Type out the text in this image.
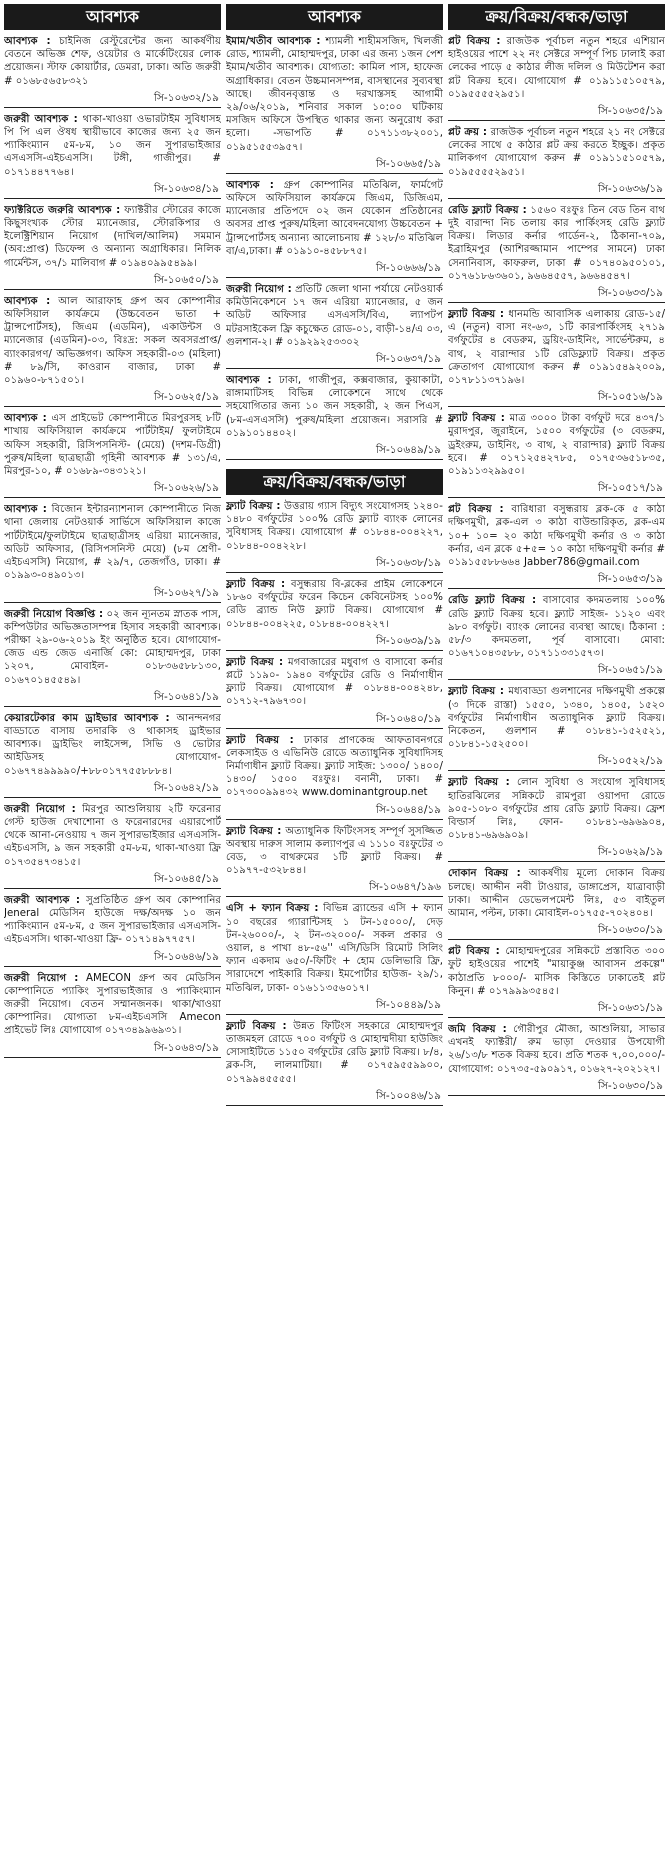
আবশ্যক
আবশ্যক : চাইনিজ রেস্টুরেন্টের জন্য আকর্ষণীয় বেতনে অভিজ্ঞ শেফ, ওয়েটার ও মার্কেটিংয়ের লোক প্রয়োজন। স্টাফ কোয়ার্টার, ডেমরা, ঢাকা। অতি জরুরী # ০১৬৮৫৬৫৮৩২১
সি-১০৬৩২/১৯
জরুরী আবশ্যক : থাকা-খাওয়া ওভারটাইম সুবিধাসহ পি পি এল ঔষধ স্থায়ীভাবে কাজের জন্য ২৫ জন প্যাকিংম্যান ৫ম-৮ম, ১০ জন সুপারভাইজার এসএসসি-এইচএসসি। টঙ্গী, গাজীপুর। # ০১৭১৪৪৭৭৬৪।
সি-১০৬৩৪/১৯
ফ্যাক্টরিতে জরুরি আবশ্যক : ফ্যাক্টরীর স্টোরের কাজে কিছুসংখ্যক স্টোর ম্যানেজার, স্টোরকিপার ও ইলেক্ট্রিশিয়ান নিয়োগ (দাখিল/আলিম) সমমান (অব:প্রাপ্ত) ডিফেন্স ও অন্যান্য অগ্রাধিকার। নিলিক গার্মেন্টস, ৩৭/১ মালিবাগ # ০১৯৪০৯৯৫৪৯৯।
সি-১০৬৫০/১৯
আবশ্যক : আল আরাফাহ গ্রুপ অব কোম্পানীর অফিসিয়াল কার্যক্রমে (উচ্চবেতন ভাতা + ট্রান্সপোর্টসহ), জিএম (এডমিন), একাউন্টস ও ম্যানেজার (এডমিন)-০৩, বিঃদ্র: সকল অবসরপ্রাপ্ত/ ব্যাংকারগণ/ অভিজ্ঞগণ। অফিস সহকারী-০৩ (মহিলা) # ৮৯/সি, কাওরান বাজার, ঢাকা # ০১৯৬০-৮৭১৫০১।
সি-১০৬২৫/১৯
আবশ্যক : এস প্রাইভেট কোম্পানীতে মিরপুরসহ ৮টি শাখায় অফিসিয়াল কার্যক্রমে পার্টটাইম/ ফুলটাইমে অফিস সহকারী, রিসিপসনিস্ট- (মেয়ে) (দশম-ডিগ্রী) পুরুষ/মহিলা ছাত্রছাত্রী গৃহিনী আবশ্যক # ১৩১/এ, মিরপুর-১০, # ০১৬৮৯-৩৪৩১২১।
সি-১০৬২৬/১৯
আবশ্যক : বিজোন ইন্টারন্যাশনাল কোম্পানীতে নিজ থানা জেলায় নেটওয়ার্ক সার্ভিসে অফিসিয়াল কাজে পার্টটাইমে/ফুলটাইমে ছাত্রছাত্রীসহ এরিয়া ম্যানেজার, অডিট অফিসার, (রিসিপসনিস্ট মেয়ে) (৮ম শ্রেণী-এইচএসসি) নিয়োগ, # ২৯/৭, তেজগাঁও, ঢাকা। # ০১৯৯৩-০৪৯০১৩।
সি-১০৬২৭/১৯
জরুরী নিয়োগ বিজ্ঞপ্তি : ০২ জন ন্যূনতম স্নাতক পাস, কম্পিউটার অভিজ্ঞতাসম্পন্ন হিসাব সহকারী আবশ্যক। পরীক্ষা ২৯-০৬-২০১৯ ইং অনুষ্ঠিত হবে। যোগাযোগ- জেড এন্ড জেড এনার্জি কো: মোহাম্মদপুর, ঢাকা ১২০৭, মোবাইল- ০১৮৩৬৫৮৮১৩০, ০১৬৭০১৪৫৫৪৯।
সি-১০৬৪১/১৯
কেয়ারটেকার কাম ড্রাইভার আবশ্যক : আনন্দনগর বাড্ডাতে বাসায় তদারকি ও থাকাসহ ড্রাইভার আবশ্যক। ড্রাইভিং লাইসেন্স, সিভি ও ভোটার আইডিসহ যোগাযোগ- ০১৬৭৭৪৯৯৯৯০/+৮৮০১৭৭৫৫৮৮৮৪।
সি-১০৬৪২/১৯
জরুরী নিয়োগ : মিরপুর আশুলিয়ায় ২টি ফরেনার গেস্ট হাউজ দেখাশোনা ও ফরেনারদের এয়ারপোর্ট থেকে আনা-নেওয়ায় ৭ জন সুপারভাইজার এসএসসি-এইচএসসি, ৯ জন সহকারী ৫ম-৮ম, থাকা-খাওয়া ফ্রি ০১৭৩৫৪৭৩৪১৫।
সি-১০৬৪৫/১৯
জরুরী আবশ্যক : সুপ্রতিষ্ঠিত গ্রুপ অব কোম্পানির Jeneral মেডিসিন হাউজে দক্ষ/অদক্ষ ১০ জন প্যাকিংম্যান ৫ম-৮ম, ৫ জন সুপারভাইজার এসএসসি-এইচএসসি। থাকা-খাওয়া ফ্রি- ০১৭১৪৯৭৭৫৭।
সি-১০৬৪৬/১৯
জরুরী নিয়োগ : AMECON গ্রুপ অব মেডিসিন কোম্পানিতে প্যাকিং সুপারভাইজার ও প্যাকিংম্যান জরুরী নিয়োগ। বেতন সম্মানজনক। থাকা/খাওয়া কোম্পানির। যোগ্যতা ৮ম-এইচএসসি Amecon প্রাইভেট লিঃ যোগাযোগ ০১৭৩৪৯৯৬৯৩১।
সি-১০৬৪৩/১৯
আবশ্যক
ইমাম/খতীব আবশ্যক : শ্যামলী শাহীমসজিদ, খিলজী রোড, শ্যামলী, মোহাম্মদপুর, ঢাকা এর জন্য ১জন পেশ ইমাম/খতীব আবশ্যক। যোগ্যতা: কামিল পাস, হাফেজ অগ্রাধিকার। বেতন উচ্চমানসম্পন্ন, বাসস্থানের সুব্যবস্থা আছে। জীবনবৃত্তান্ত ও দরখাস্তসহ আগামী ২৯/০৬/২০১৯, শনিবার সকাল ১০:০০ ঘটিকায় মসজিদ অফিসে উপস্থিত থাকার জন্য অনুরোধ করা হলো। -সভাপতি # ০১৭১১৩৮২০০১, ০১৯৫১৫৫৩৯৫৭।
সি-১০৬৬৫/১৯
আবশ্যক : গ্রুপ কোম্পানির মতিঝিল, ফার্মগেট অফিসে অফিসিয়াল কার্যক্রমে জিএম, ডিজিএম, ম্যানেজার প্রতিপদে ০২ জন যেকোন প্রতিষ্ঠানের অবসর প্রাপ্ত পুরুষ/মহিলা আবেদনযোগ্য উচ্চবেতন + ট্রান্সপোর্টসহ অন্যান্য আলোচনায় # ১২৮/৩ মতিঝিল বা/এ,ঢাকা। # ০১৯১০-৪৫৮৮৭৫।
সি-১০৬৬৬/১৯
জরুরী নিয়োগ : প্রতিটি জেলা থানা পর্যায়ে নেটওয়ার্ক কমিউনিকেশনে ১৭ জন এরিয়া ম্যানেজার, ৫ জন অডিট অফিসার এসএসসি/বিএ, ল্যাপটপ মটরসাইকেল ফ্রি কচুক্ষেত রোড-০১, বাড়ী-১৪/এ ০৩, গুলশান-২। # ০১৯২৯২৫৩৩০২
সি-১০৬৩৭/১৯
আবশ্যক : ঢাকা, গাজীপুর, কক্সবাজার, কুয়াকাটা, রাঙ্গামাটিসহ বিভিন্ন লোকেশনে সাথে থেকে সহযোগিতার জন্য ১০ জন সহকারী, ২ জন পিএস, (৮ম-এসএসসি) পুরুষ/মহিলা প্রয়োজন। সরাসরি # ০১৯১০১৪৪০২।
সি-১০৬৪৯/১৯
ক্রয়/বিক্রয়/বন্ধক/ভাড়া
ফ্ল্যাট বিক্রয় : উত্তরায় গ্যাস বিদ্যুৎ সংযোগসহ ১২৪০- ১৪৮০ বর্গফুটের ১০০% রেডি ফ্ল্যাট ব্যাংক লোনের সুবিধাসহ বিক্রয়। যোগাযোগ # ০১৮৪৪-০০৪২২৭, ০১৮৪৪-০০৪২২৮।
সি-১০৬৩৮/১৯
ফ্ল্যাট বিক্রয় : বসুন্ধরায় বি-ব্লকের প্রাইম লোকেশনে ১৮৬০ বর্গফুটের ফরেন কিচেন কেবিনেটসহ ১০০% রেডি ব্র্যান্ড নিউ ফ্ল্যাট বিক্রয়। যোগাযোগ # ০১৮৪৪-০০৪২২৫, ০১৮৪৪-০০৪২২৭।
সি-১০৬৩৯/১৯
ফ্ল্যাট বিক্রয় : মগবাজারের মধুবাগ ও বাসাবো কর্নার প্লটে ১১৯০- ১৯৪০ বর্গফুটের রেডি ও নির্মাণাধীন ফ্ল্যাট বিক্রয়। যোগাযোগ # ০১৮৪৪-০০৪২৪৮, ০১৭১২-৭৯৬৭৩০।
সি-১০৬৪০/১৯
ফ্ল্যাট বিক্রয় : ঢাকার প্রাণকেন্দ্র আফতাবনগরে লেকসাইড ও এভিনিউ রোডে অত্যাধুনিক সুবিধাদিসহ নির্মাণাধীন ফ্ল্যাট বিক্রয়। ফ্ল্যাট সাইজ: ১৩০০/ ১৪০০/ ১৪৩০/ ১৫০০ বঃফুঃ। বনানী, ঢাকা। # ০১৭৩০০৯৯৪৩২ www.dominantgroup.net
সি-১০৬৪৪/১৯
ফ্ল্যাট বিক্রয় : অত্যাধুনিক ফিটিংসসহ সম্পূর্ণ সুসজ্জিত অবস্থায় দারুস সালাম কল্যাণপুর এ ১১১০ বঃফুটের ৩ বেড, ৩ বাথরুমের ১টি ফ্ল্যাট বিক্রয়। # ০১৯৭৭-৫৩২৮৪৪।
সি-১০৬৪৭/১৯৬
এসি + ফ্যান বিক্রয় : বিভিন্ন ব্র্যান্ডের এসি + ফ্যান ১০ বছরের গ্যারান্টিসহ ১ টন-১৫০০০/, দেড় টন-২৬০০০/-, ২ টন-৩২০০০/- সকল প্রকার ও ওয়াল, ৪ পাখা ৪৮-৫৬'' এসি/ডিসি রিমোট সিলিং ফ্যান একদাম ৬৫০/-ফিটিং + হোম ডেলিভারি ফ্রি, সারাদেশে পাইকারি বিক্রয়। ইমপোর্টার হাউজ- ২৯/১, মতিঝিল, ঢাকা- ০১৬১১৩৫৬০১৭।
সি-১০৪৪৯/১৯
ফ্ল্যাট বিক্রয় : উন্নত ফিটিংস সহকারে মোহাম্মদপুর তাজমহল রোডে ৭০০ বর্গফুট ও মোহাম্মদীয়া হাউজিং সোসাইটিতে ১১৫০ বর্গফুটের রেডি ফ্ল্যাট বিক্রয়। ৮/৪, ব্লক-সি, লালমাটিয়া। # ০১৭৫৯৫৫৯৯০০, ০১৭৯৯৪৫৫৫৫।
সি-১০০৪৬/১৯
ক্রয়/বিক্রয়/বন্ধক/ভাড়া
প্লট বিক্রয় : রাজউক পূর্বাচল নতুন শহরে এশিয়ান হাইওয়ের পাশে ২২ নং সেক্টরে সম্পূর্ণ পিচ ঢালাই করা লেকের পাড়ে ৫ কাঠার লীজ দলিল ও মিউটেশন করা প্লট বিক্রয় হবে। যোগাযোগ # ০১৯১১৫১০৫৭৯, ০১৯৫৫৫৫২৯৫১।
সি-১০৬৩৫/১৯
প্লট ক্রয় : রাজউক পূর্বাচল নতুন শহরে ২১ নং সেক্টরে লেকের সাথে ৫ কাঠার প্লট ক্রয় করতে ইচ্ছুক। প্রকৃত মালিকগণ যোগাযোগ করুন # ০১৯১১৫১০৫৭৯, ০১৯৫৫৫৫২৯৫১।
সি-১০৬৩৬/১৯
রেডি ফ্ল্যাট বিক্রয় : ১৫৬০ বঃফুঃ তিন বেড তিন বাথ দুই বারান্দা নিচ তলায় কার পার্কিংসহ রেডি ফ্ল্যাট বিক্রয়। লিডার কর্নার গার্ডেন-২, ঠিকানা-৭০৯, ইব্রাহিমপুর (আশিরজ্জামান পাম্পের সামনে) ঢাকা সেনানিবাস, কাফরুল, ঢাকা # ০১৭৪০৯৫০১০১, ০১৭৬১৮৬৩৬০১, ৯৬৬৪৫৫৭, ৯৬৬৪৫৪৭।
সি-১০৬৩৩/১৯
ফ্ল্যাট বিক্রয় : ধানমন্ডি আবাসিক এলাকায় রোড-১৫/এ (নতুন) বাসা নং-৬৩, ১টি কারপার্কিংসহ ২৭১৯ বর্গফুটের ৪ বেডরুম, ড্রয়িং-ডাইনিং, সার্ভেন্টরুম, ৪ বাথ, ২ বারান্দার ১টি রেডিফ্ল্যাট বিক্রয়। প্রকৃত ক্রেতাগণ যোগাযোগ করুন # ০১৯১৫৪৯২০০৯, ০১৭৮১১৩৭১৯৬।
সি-১০৫১৬/১৯
ফ্ল্যাট বিক্রয় : মাত্র ৩০০০ টাকা বর্গফুট দরে ৪৩৭/১ মুরাদপুর, জুরাইনে, ১৫০০ বর্গফুটের (৩ বেডরুম, ড্রইংরুম, ডাইনিং, ৩ বাথ, ২ বারান্দার) ফ্ল্যাট বিক্রয় হবে। # ০১৭১২৫৪২৭৮৫, ০১৭৫৩৬৫১৮৩৫, ০১৯১১৩২৯৯৫০।
সি-১০৫১৭/১৯
প্লট বিক্রয় : বারিধারা বসুন্ধরায় ব্লক-কে ৫ কাঠা দক্ষিণমুখী, ব্লক-এল ৩ কাঠা বাউন্ডারিকৃত, ব্লক-এম ১০+ ১০= ২০ কাঠা দক্ষিণমুখী কর্নার ও ৩ কাঠা কর্নার, এন ব্লকে ৫+৫= ১০ কাঠা দক্ষিণমুখী কর্নার # ০১৯১৫৫৮৮৬৬৪ Jabber786@gmail.com
সি-১০৬৫৩/১৯
রেডি ফ্ল্যাট বিক্রয় : বাসাবোর কদমতলায় ১০০% রেডি ফ্ল্যাট বিক্রয় হবে। ফ্ল্যাট সাইজ- ১১২০ এবং ৯৮০ বর্গফুট। ব্যাংক লোনের ব্যবস্থা আছে। ঠিকানা : ৫৮/৩ কদমতলা, পূর্ব বাসাবো। মোবা: ০১৬৭১০৪৩৫৮৮, ০১৭১১৩৩১৫৭৩।
সি-১০৬৫১/১৯
ফ্ল্যাট বিক্রয় : মধ্যবাড্ডা গুলশানের দক্ষিণমুখী প্রকল্পে (৩ দিকে রাস্তা) ১৫৫০, ১৩৪০, ১৪০৫, ১৫২০ বর্গফুটের নির্মাণাধীন অত্যাধুনিক ফ্ল্যাট বিক্রয়। নিকেতন, গুলশান # ০১৮৪১-১৫২৫২১, ০১৮৪১-১৫২৫০০।
সি-১০৫২২/১৯
ফ্ল্যাট বিক্রয় : লোন সুবিধা ও সংযোগ সুবিধাসহ হাতিরঝিলের সন্নিকটে রামপুরা ওয়াপদা রোডে ৯০৫-১০৮০ বর্গফুটের প্রায় রেডি ফ্ল্যাট বিক্রয়। ফ্রেশ বিল্ডার্স লিঃ, ফোন- ০১৮৪১-৬৯৬৯০৪, ০১৮৪১-৬৯৬৯০৯।
সি-১০৬২৯/১৯
দোকান বিক্রয় : আকর্ষণীয় মূল্যে দোকান বিক্রয় চলছে। আদ্দীন নবী টাওয়ার, ডাঙ্গাপ্রেস, যাত্রাবাড়ী ঢাকা। আদ্দীন ডেভেলপমেন্ট লিঃ, ৫৩ বাইতুল আমান, পল্টন, ঢাকা। মোবাইল-০১৭৫৫-৭০২৪০৪।
সি-১০৬৩০/১৯
প্লট বিক্রয় : মোহাম্মদপুরের সন্নিকটে প্রস্তাবিত ৩০০ ফুট হাইওয়ের পাশেই "মায়াকুঞ্জ আবাসন প্রকল্পে" কাঠাপ্রতি ৮০০০/- মাসিক কিস্তিতে ঢাকাতেই প্লট কিনুন। # ০১৭৯৯৯৩৫৪৫।
সি-১০৬৩১/১৯
জমি বিক্রয় : গৌরীপুর মৌজা, আশুলিয়া, সাভার এখনই ফ্যাক্টরী/ রুম ভাড়া দেওয়ার উপযোগী ২৬/১৩/৮ শতক বিক্রয় হবে। প্রতি শতক ৭,০০,০০০/- যোগাযোগ: ০১৭৩৫-৫৯০৯১৭, ০১৬২৭-২০২১২৭।
সি-১০৬৩০/১৯
